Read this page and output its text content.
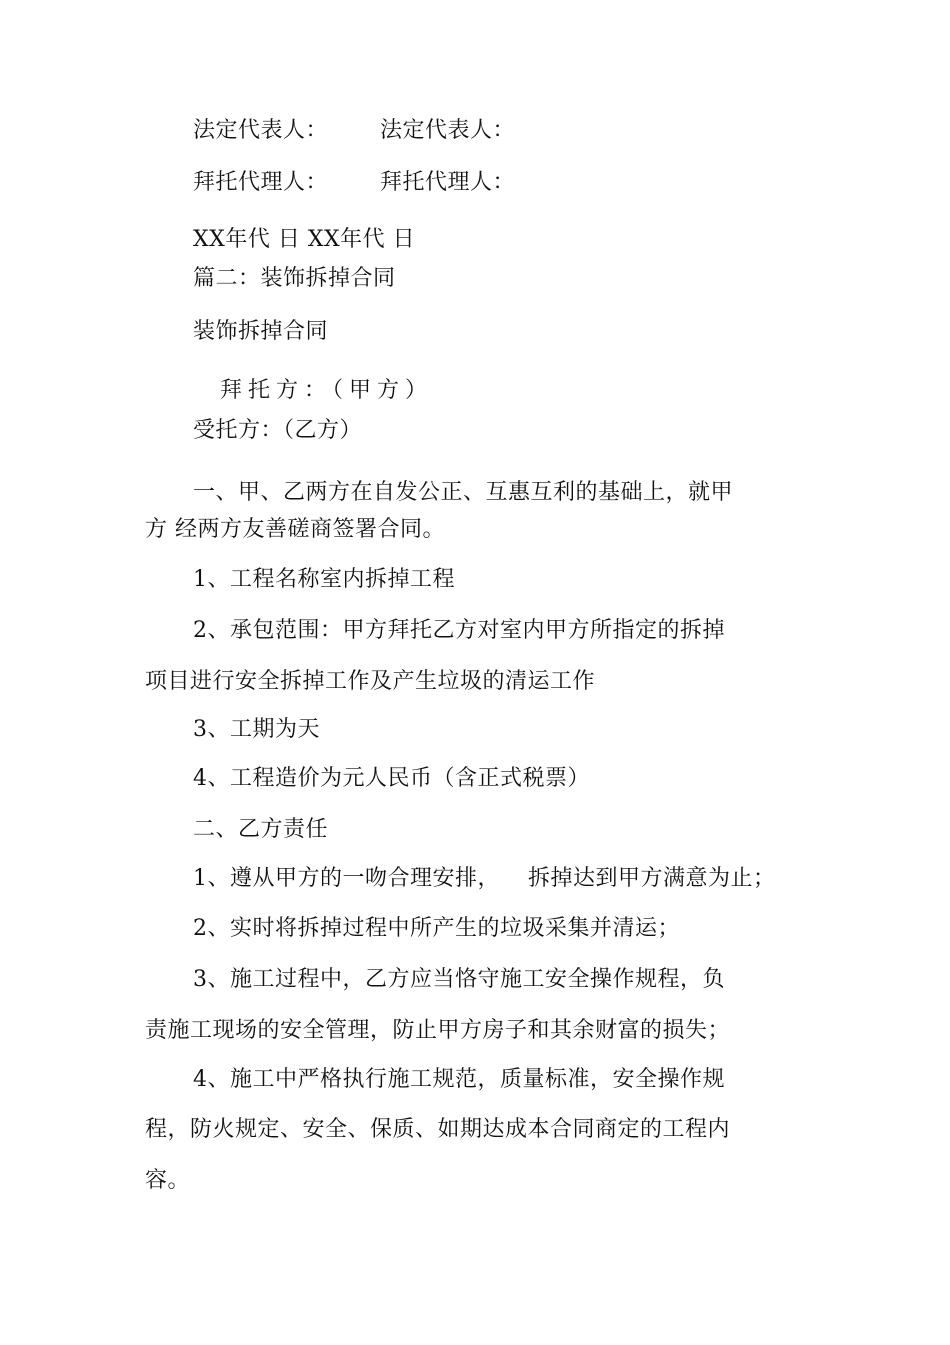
法定代表人： 法定代表人：
拜托代理人： 拜托代理人：
XX年代 日 XX年代 日
篇二：装饰拆掉合同
装饰拆掉合同
拜托方：（甲方）
受托方：（乙方）
一、甲、乙两方在自发公正、互惠互利的基础上，就甲
方 经两方友善磋商签署合同。
1、工程名称室内拆掉工程
2、承包范围：甲方拜托乙方对室内甲方所指定的拆掉
项目进行安全拆掉工作及产生垃圾的清运工作
3、工期为天
4、工程造价为元人民币（含正式税票）
二、乙方责任
1、遵从甲方的一吻合理安排， 拆掉达到甲方满意为止；
2、实时将拆掉过程中所产生的垃圾采集并清运；
3、施工过程中，乙方应当恪守施工安全操作规程，负
责施工现场的安全管理，防止甲方房子和其余财富的损失；
4、施工中严格执行施工规范，质量标准，安全操作规
程，防火规定、安全、保质、如期达成本合同商定的工程内
容。
